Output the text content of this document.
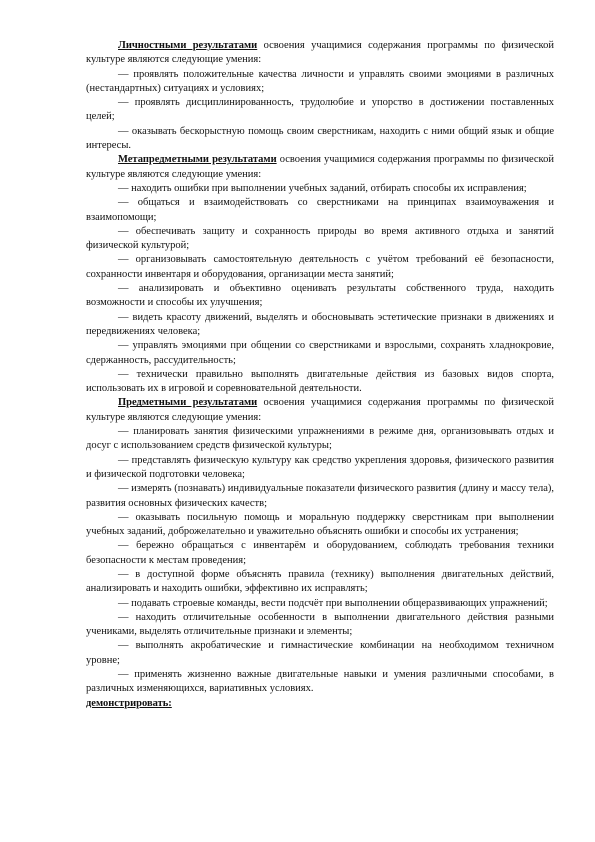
Личностными результатами освоения учащимися содержания программы по физической культуре являются следующие умения:

— проявлять положительные качества личности и управлять своими эмоциями в различных (нестандартных) ситуациях и условиях;

— проявлять дисциплинированность, трудолюбие и упорство в достижении поставленных целей;

— оказывать бескорыстную помощь своим сверстникам, находить с ними общий язык и общие интересы.

Метапредметными результатами освоения учащимися содержания программы по физической культуре являются следующие умения:

— находить ошибки при выполнении учебных заданий, отбирать способы их исправления;

— общаться и взаимодействовать со сверстниками на принципах взаимоуважения и взаимопомощи;

— обеспечивать защиту и сохранность природы во время активного отдыха и занятий физической культурой;

— организовывать самостоятельную деятельность с учётом требований её безопасности, сохранности инвентаря и оборудования, организации места занятий;

— анализировать и объективно оценивать результаты собственного труда, находить возможности и способы их улучшения;

— видеть красоту движений, выделять и обосновывать эстетические признаки в движениях и передвижениях человека;

— управлять эмоциями при общении со сверстниками и взрослыми, сохранять хладнокровие, сдержанность, рассудительность;

— технически правильно выполнять двигательные действия из базовых видов спорта, использовать их в игровой и соревновательной деятельности.

Предметными результатами освоения учащимися содержания программы по физической культуре являются следующие умения:

— планировать занятия физическими упражнениями в режиме дня, организовывать отдых и досуг с использованием средств физической культуры;

— представлять физическую культуру как средство укрепления здоровья, физического развития и физической подготовки человека;

— измерять (познавать) индивидуальные показатели физического развития (длину и массу тела), развития основных физических качеств;

— оказывать посильную помощь и моральную поддержку сверстникам при выполнении учебных заданий, доброжелательно и уважительно объяснять ошибки и способы их устранения;

— бережно обращаться с инвентарём и оборудованием, соблюдать требования техники безопасности к местам проведения;

— в доступной форме объяснять правила (технику) выполнения двигательных действий, анализировать и находить ошибки, эффективно их исправлять;

— подавать строевые команды, вести подсчёт при выполнении общеразвивающих упражнений;

— находить отличительные особенности в выполнении двигательного действия разными учениками, выделять отличительные признаки и элементы;

— выполнять акробатические и гимнастические комбинации на необходимом техничном уровне;

— применять жизненно важные двигательные навыки и умения различными способами, в различных изменяющихся, вариативных условиях.

демонстрировать:
